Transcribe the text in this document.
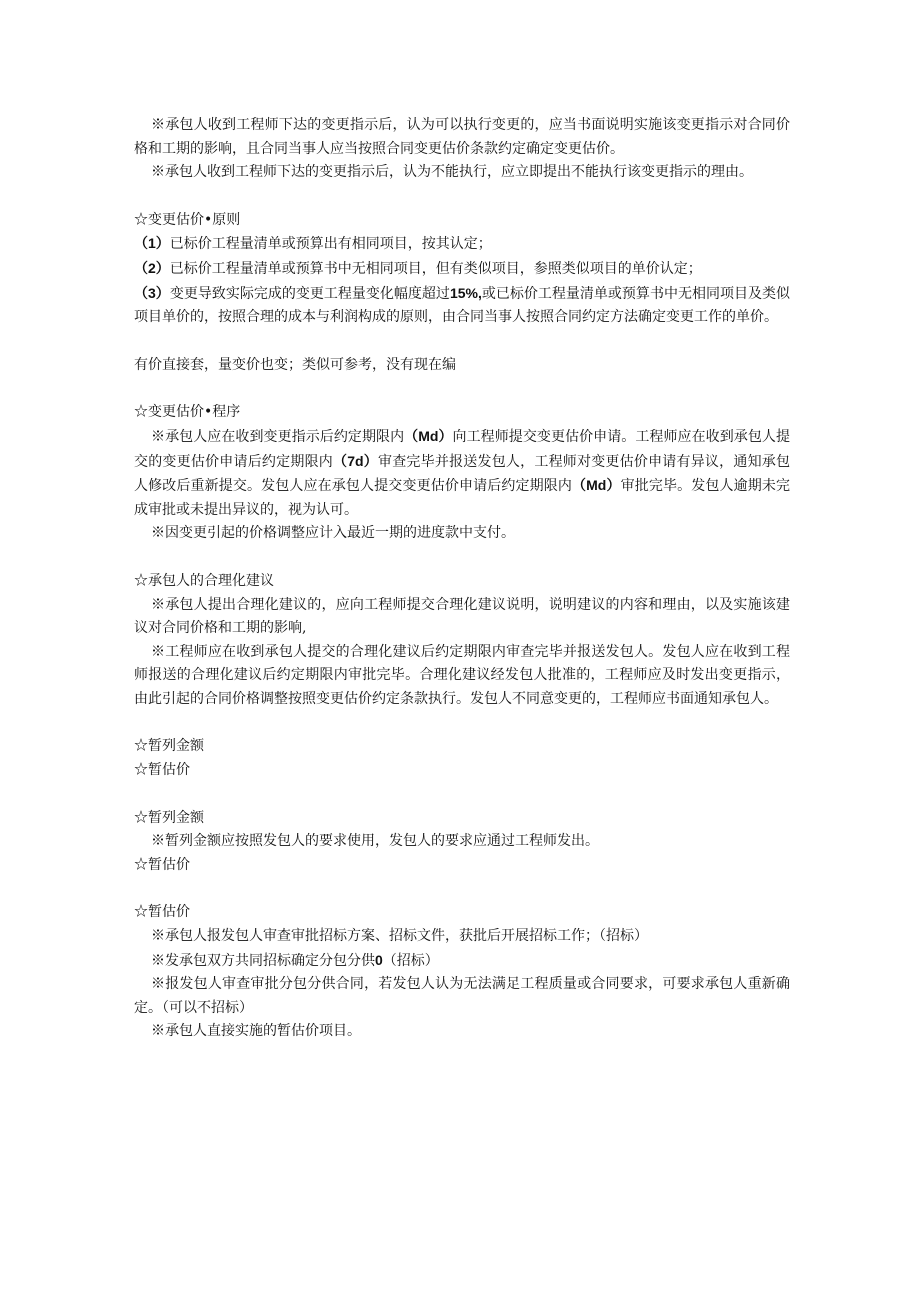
※承包人收到工程师下达的变更指示后，认为可以执行变更的，应当书面说明实施该变更指示对合同价格和工期的影响，且合同当事人应当按照合同变更估价条款约定确定变更估价。

※承包人收到工程师下达的变更指示后，认为不能执行，应立即提出不能执行该变更指示的理由。

☆变更估价•原则

（1）已标价工程量清单或预算出有相同项目，按其认定；

（2）已标价工程量清单或预算书中无相同项目，但有类似项目，参照类似项目的单价认定；

（3）变更导致实际完成的变更工程量变化幅度超过15%,或已标价工程量清单或预算书中无相同项目及类似项目单价的，按照合理的成本与利润构成的原则，由合同当事人按照合同约定方法确定变更工作的单价。

有价直接套，量变价也变；类似可参考，没有现在编

☆变更估价•程序

※承包人应在收到变更指示后约定期限内（Md）向工程师提交变更估价申请。工程师应在收到承包人提交的变更估价申请后约定期限内（7d）审查完毕并报送发包人，工程师对变更估价申请有异议，通知承包人修改后重新提交。发包人应在承包人提交变更估价申请后约定期限内（Md）审批完毕。发包人逾期未完成审批或未提出异议的，视为认可。

※因变更引起的价格调整应计入最近一期的进度款中支付。

☆承包人的合理化建议

※承包人提出合理化建议的，应向工程师提交合理化建议说明，说明建议的内容和理由，以及实施该建议对合同价格和工期的影响,

※工程师应在收到承包人提交的合理化建议后约定期限内审查完毕并报送发包人。发包人应在收到工程师报送的合理化建议后约定期限内审批完毕。合理化建议经发包人批准的，工程师应及时发出变更指示，由此引起的合同价格调整按照变更估价约定条款执行。发包人不同意变更的，工程师应书面通知承包人。

☆暂列金额

☆暂估价

☆暂列金额

※暂列金额应按照发包人的要求使用，发包人的要求应通过工程师发出。

☆暂估价

☆暂估价

※承包人报发包人审查审批招标方案、招标文件，获批后开展招标工作；（招标）

※发承包双方共同招标确定分包分供0（招标）

※报发包人审查审批分包分供合同，若发包人认为无法满足工程质量或合同要求，可要求承包人重新确定。（可以不招标）

※承包人直接实施的暂估价项目。
